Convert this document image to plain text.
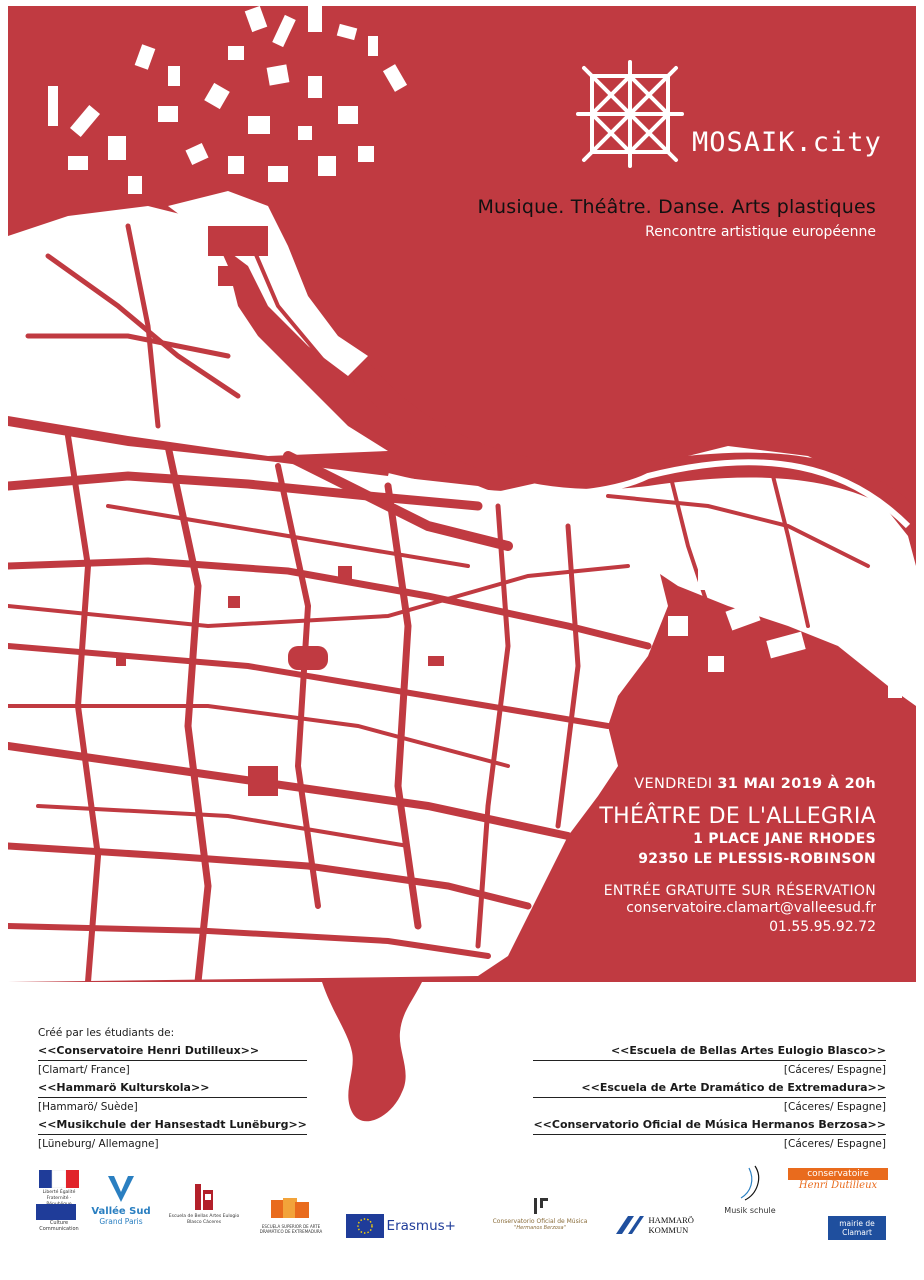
MOSAIK.city
Musique. Théâtre. Danse. Arts plastiques
Rencontre artistique européenne
VENDREDI 31 MAI 2019 À 20h
THÉÂTRE DE L'ALLEGRIA
1 PLACE JANE RHODES
92350 LE PLESSIS-ROBINSON
ENTRÉE GRATUITE SUR RÉSERVATION
conservatoire.clamart@valleesud.fr
01.55.95.92.72
Créé par les étudiants de:
<<Conservatoire Henri Dutilleux>>
[Clamart/ France]
<<Hammarö Kulturskola>>
[Hammarö/ Suède]
<<Musikchule der Hansestadt Lunëburg>>
[Lüneburg/ Allemagne]
<<Escuela de Bellas Artes Eulogio Blasco>>
[Cáceres/ Espagne]
<<Escuela de Arte Dramático de Extremadura>>
[Cáceres/ Espagne]
<<Conservatorio Oficial de Música Hermanos Berzosa>>
[Cáceres/ Espagne]
Liberté Égalité Fraternité ·
Culture Communication
Vallée Sud
Grand Paris
Escuela de Bellas Artes Eulogio Blasco Cáceres
ESCUELA SUPERIOR DE ARTE DRAMÁTICO DE EXTREMADURA	Erasmus+	Conservatorio Oficial de Música
"Hermanos Berzosa"
HAMMARÖ
KOMMUN
Musik schule
conservatoire
Henri Dutilleux
mairie de Clamart
